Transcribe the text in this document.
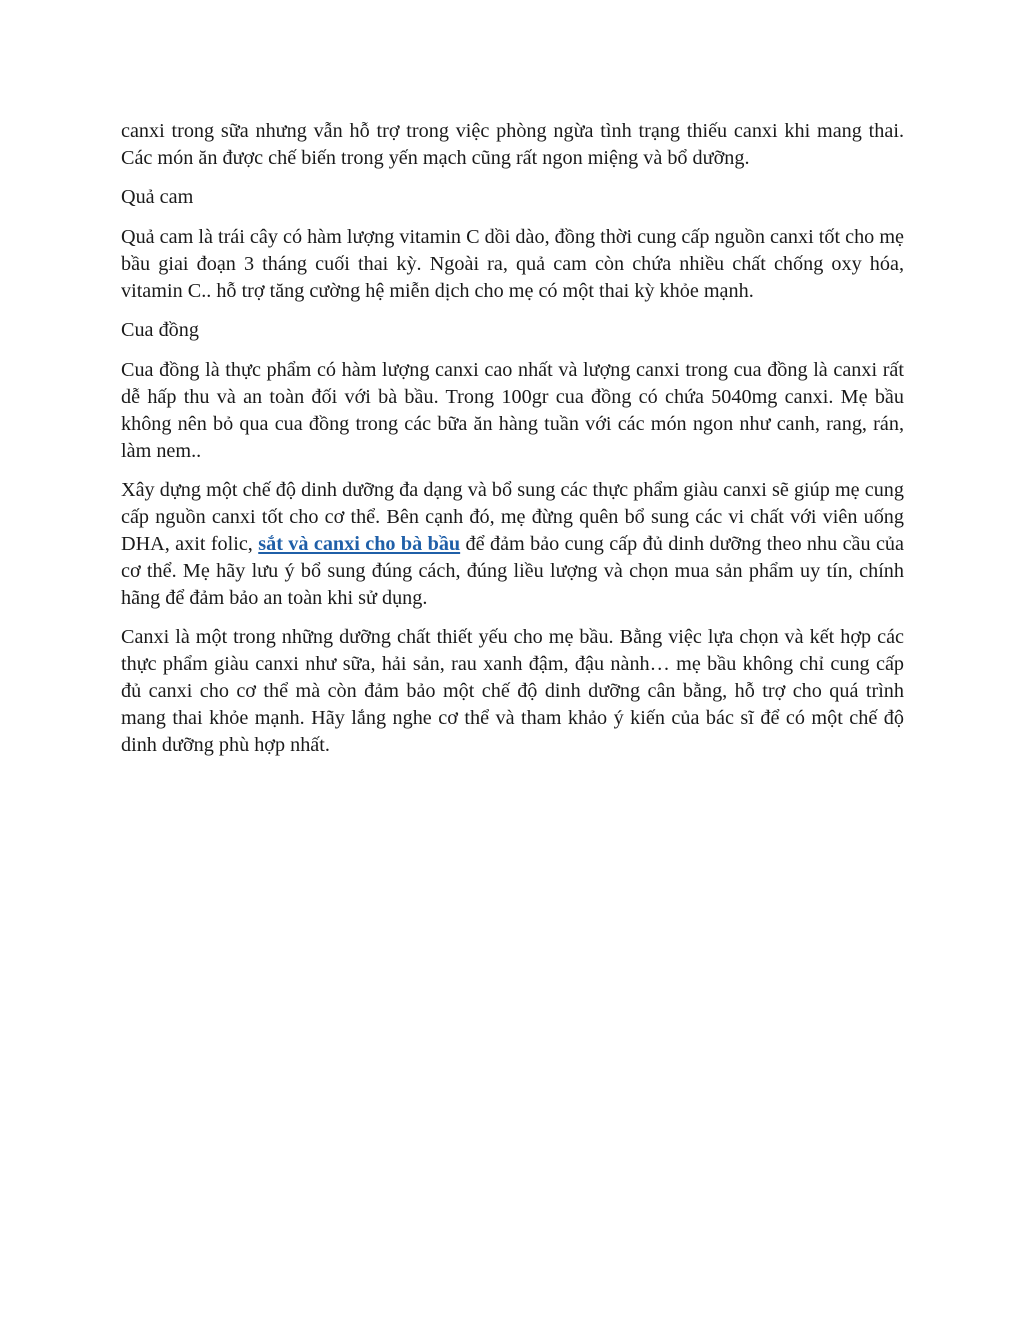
canxi trong sữa nhưng vẫn hỗ trợ trong việc phòng ngừa tình trạng thiếu canxi khi mang thai. Các món ăn được chế biến trong yến mạch cũng rất ngon miệng và bổ dưỡng.

Quả cam

Quả cam là trái cây có hàm lượng vitamin C dồi dào, đồng thời cung cấp nguồn canxi tốt cho mẹ bầu giai đoạn 3 tháng cuối thai kỳ. Ngoài ra, quả cam còn chứa nhiều chất chống oxy hóa, vitamin C.. hỗ trợ tăng cường hệ miễn dịch cho mẹ có một thai kỳ khỏe mạnh.

Cua đồng

Cua đồng là thực phẩm có hàm lượng canxi cao nhất và lượng canxi trong cua đồng là canxi rất dễ hấp thu và an toàn đối với bà bầu. Trong 100gr cua đồng có chứa 5040mg canxi. Mẹ bầu không nên bỏ qua cua đồng trong các bữa ăn hàng tuần với các món ngon như canh, rang, rán, làm nem..

Xây dựng một chế độ dinh dưỡng đa dạng và bổ sung các thực phẩm giàu canxi sẽ giúp mẹ cung cấp nguồn canxi tốt cho cơ thể. Bên cạnh đó, mẹ đừng quên bổ sung các vi chất với viên uống DHA, axit folic, sắt và canxi cho bà bầu để đảm bảo cung cấp đủ dinh dưỡng theo nhu cầu của cơ thể. Mẹ hãy lưu ý bổ sung đúng cách, đúng liều lượng và chọn mua sản phẩm uy tín, chính hãng để đảm bảo an toàn khi sử dụng.

Canxi là một trong những dưỡng chất thiết yếu cho mẹ bầu. Bằng việc lựa chọn và kết hợp các thực phẩm giàu canxi như sữa, hải sản, rau xanh đậm, đậu nành… mẹ bầu không chỉ cung cấp đủ canxi cho cơ thể mà còn đảm bảo một chế độ dinh dưỡng cân bằng, hỗ trợ cho quá trình mang thai khỏe mạnh. Hãy lắng nghe cơ thể và tham khảo ý kiến của bác sĩ để có một chế độ dinh dưỡng phù hợp nhất.
